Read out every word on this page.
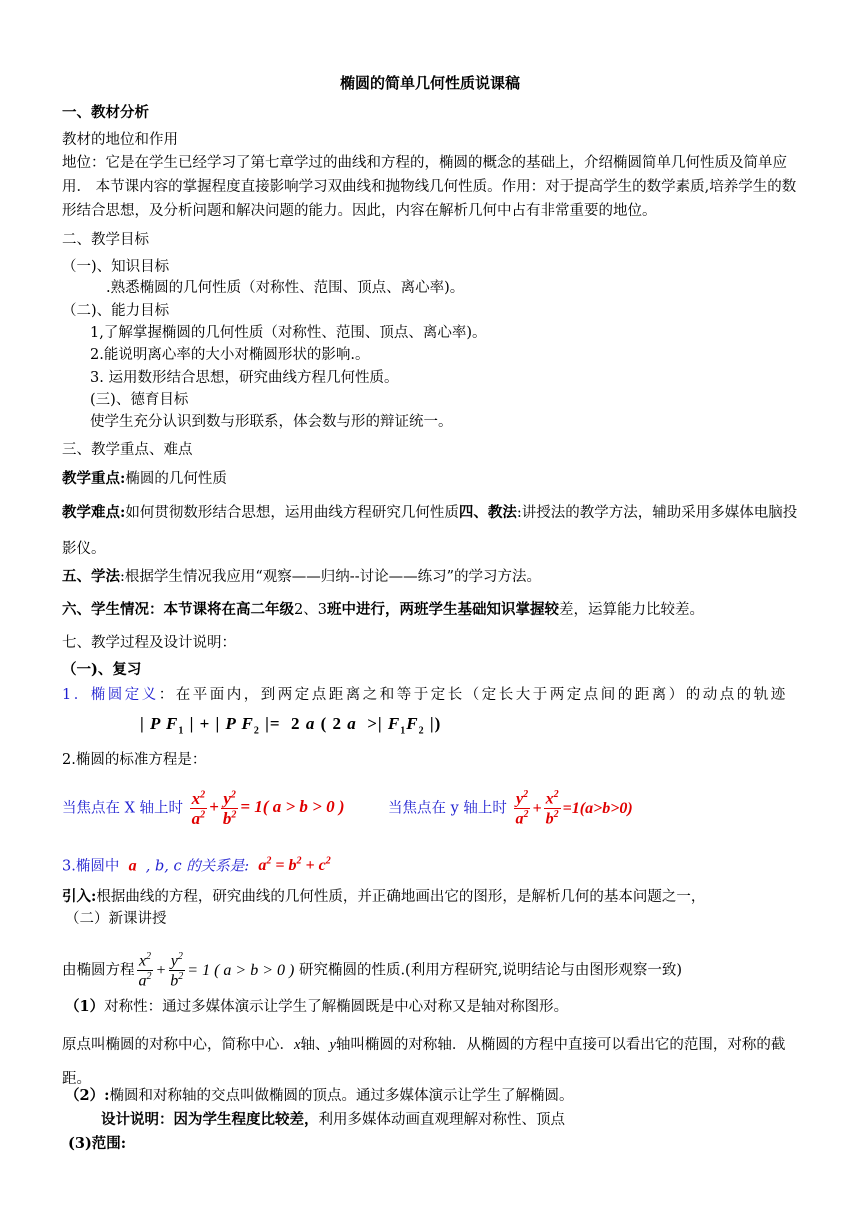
椭圆的简单几何性质说课稿
一、教材分析
教材的地位和作用
地位：它是在学生已经学习了第七章学过的曲线和方程的，椭圆的概念的基础上，介绍椭圆简单几何性质及简单应用． 本节课内容的掌握程度直接影响学习双曲线和抛物线几何性质。作用：对于提高学生的数学素质,培养学生的数形结合思想，及分析问题和解决问题的能力。因此，内容在解析几何中占有非常重要的地位。
二、教学目标
（一)、知识目标
.熟悉椭圆的几何性质（对称性、范围、顶点、离心率)。
（二)、能力目标
1,了解掌握椭圆的几何性质（对称性、范围、顶点、离心率)。
2.能说明离心率的大小对椭圆形状的影响.。
3. 运用数形结合思想，研究曲线方程几何性质。
(三)、德育目标
使学生充分认识到数与形联系，体会数与形的辩证统一。
三、教学重点、难点
教学重点:椭圆的几何性质
教学难点:如何贯彻数形结合思想，运用曲线方程研究几何性质四、教法:讲授法的教学方法，辅助采用多媒体电脑投影仪。
五、学法:根据学生情况我应用“观察——归纳--讨论——练习”的学习方法。
六、学生情况：本节课将在高二年级2、3班中进行，两班学生基础知识掌握较差，运算能力比较差。
七、教学过程及设计说明：
（一)、复习
1．椭圆定义：在平面内，到两定点距离之和等于定长（定长大于两定点间的距离）的动点的轨迹
| P $F_1$ | + | P $F_2$ |=  2 a ( 2 a  >| $F_1F_2$ |)
2.椭圆的标准方程是：
当焦点在 X 轴上时 $\frac{x^2}{a^2} + \frac{y^2}{b^2} = 1$( a > b > 0 )	当焦点在 y 轴上时 $\frac{y^2}{a^2} + \frac{x^2}{b^2} =1(a>b>0)$
3.椭圆中 a , b, c 的关系是: $a^2 = b^2 + c^2$
引入:根据曲线的方程，研究曲线的几何性质，并正确地画出它的图形，是解析几何的基本问题之一，
（二）新课讲授
由椭圆方程 $\frac{x^2}{a^2} + \frac{y^2}{b^2} = 1$ ( a > b > 0 ) 研究椭圆的性质.(利用方程研究,说明结论与由图形观察一致)
（1）对称性：通过多媒体演示让学生了解椭圆既是中心对称又是轴对称图形。
原点叫椭圆的对称中心，简称中心．x轴、y轴叫椭圆的对称轴．从椭圆的方程中直接可以看出它的范围，对称的截距。
（2）:椭圆和对称轴的交点叫做椭圆的顶点。通过多媒体演示让学生了解椭圆。
设计说明：因为学生程度比较差，利用多媒体动画直观理解对称性、顶点
(3)范围:
